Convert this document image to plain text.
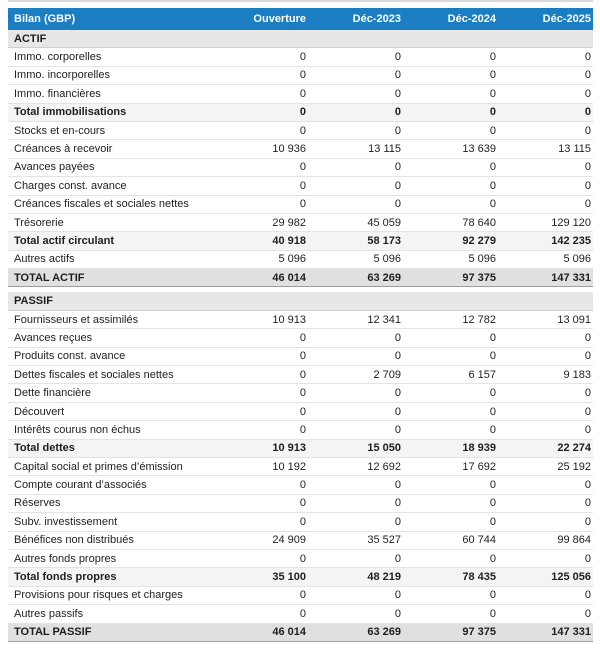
Bilan (GBP)	Ouverture	Déc-2023	Déc-2024	Déc-2025
ACTIF				
Immo. corporelles	0	0	0	0
Immo. incorporelles	0	0	0	0
Immo. financières	0	0	0	0
Total immobilisations	0	0	0	0
Stocks et en-cours	0	0	0	0
Créances à recevoir	10 936	13 115	13 639	13 115
Avances payées	0	0	0	0
Charges const. avance	0	0	0	0
Créances fiscales et sociales nettes	0	0	0	0
Trésorerie	29 982	45 059	78 640	129 120
Total actif circulant	40 918	58 173	92 279	142 235
Autres actifs	5 096	5 096	5 096	5 096
TOTAL ACTIF	46 014	63 269	97 375	147 331

PASSIF				
Fournisseurs et assimilés	10 913	12 341	12 782	13 091
Avances reçues	0	0	0	0
Produits const. avance	0	0	0	0
Dettes fiscales et sociales nettes	0	2 709	6 157	9 183
Dette financière	0	0	0	0
Découvert	0	0	0	0
Intérêts courus non échus	0	0	0	0
Total dettes	10 913	15 050	18 939	22 274
Capital social et primes d’émission	10 192	12 692	17 692	25 192
Compte courant d’associés	0	0	0	0
Réserves	0	0	0	0
Subv. investissement	0	0	0	0
Bénéfices non distribués	24 909	35 527	60 744	99 864
Autres fonds propres	0	0	0	0
Total fonds propres	35 100	48 219	78 435	125 056
Provisions pour risques et charges	0	0	0	0
Autres passifs	0	0	0	0
TOTAL PASSIF	46 014	63 269	97 375	147 331
